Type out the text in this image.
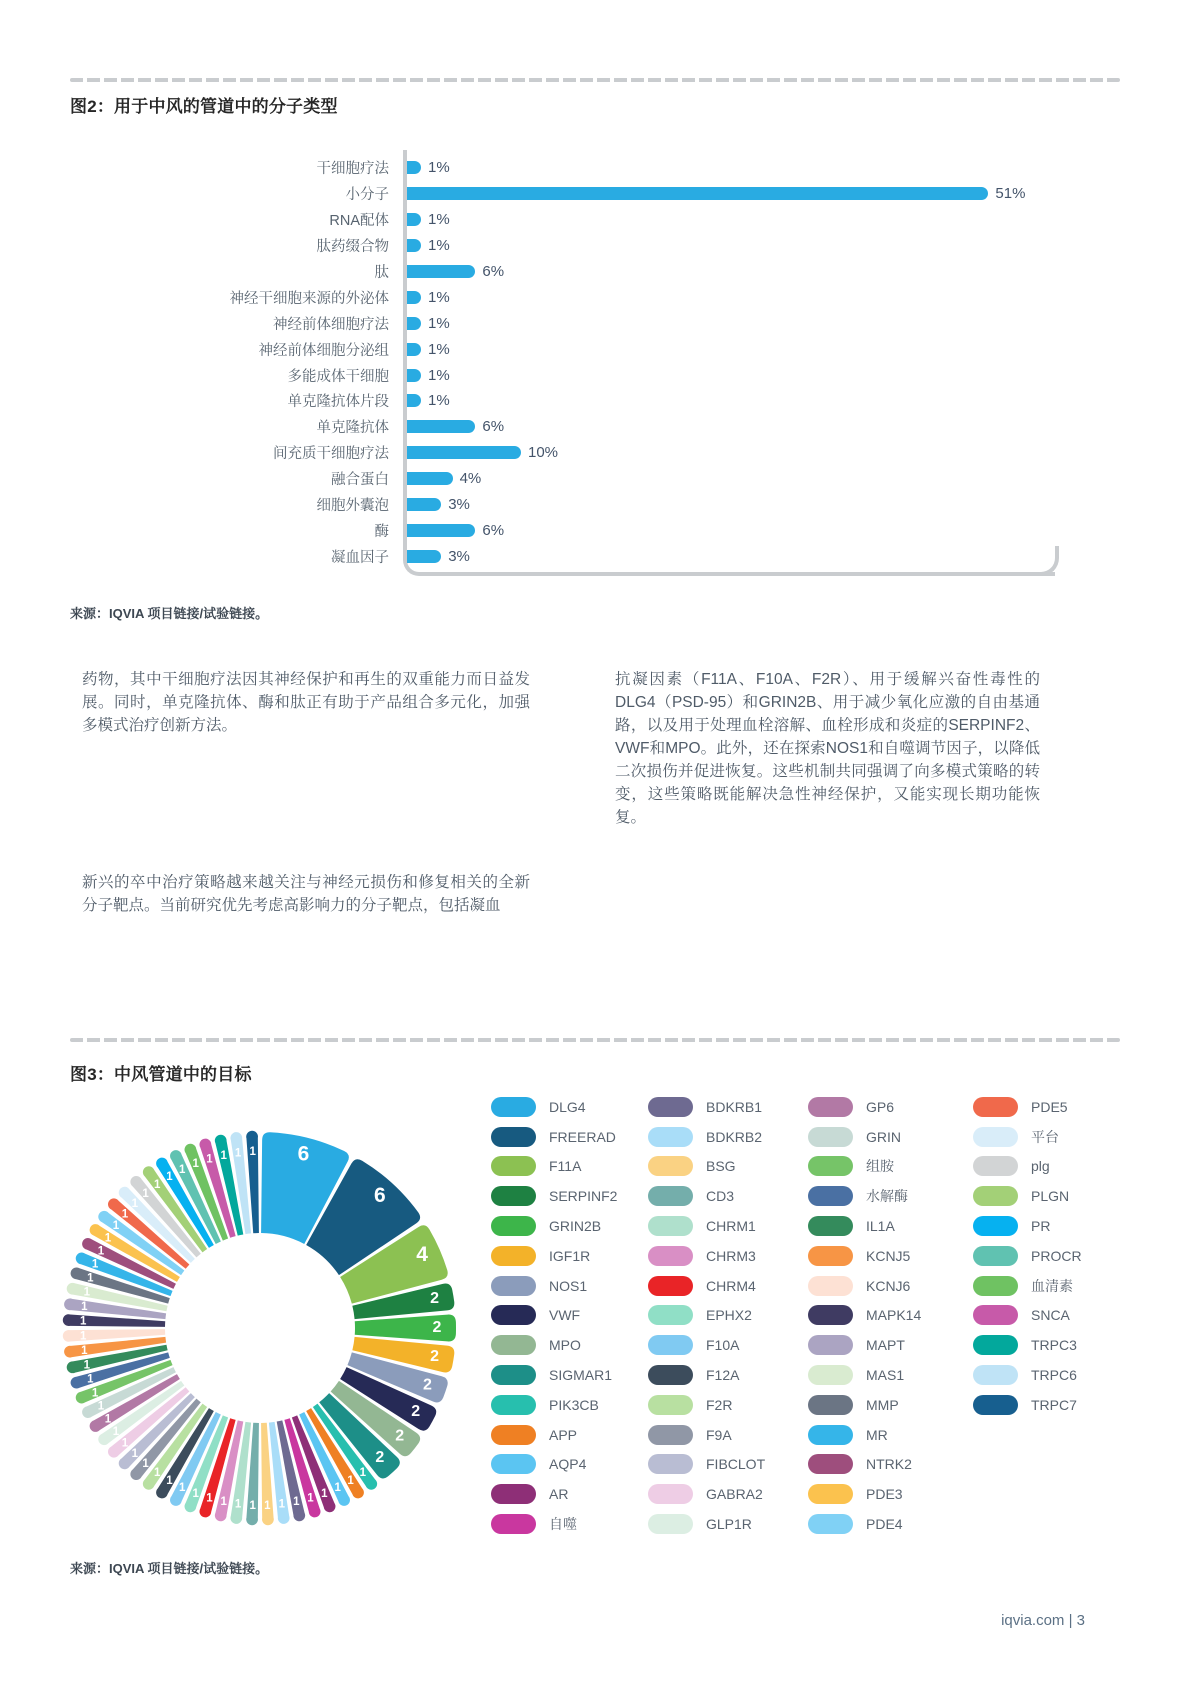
图2：用于中风的管道中的分子类型
干细胞疗法	1%
小分子	51%
RNA配体	1%
肽药缀合物	1%
肽	6%
神经干细胞来源的外泌体	1%
神经前体细胞疗法	1%
神经前体细胞分泌组	1%
多能成体干细胞	1%
单克隆抗体片段	1%
单克隆抗体	6%
间充质干细胞疗法	10%
融合蛋白	4%
细胞外囊泡	3%
酶	6%
凝血因子	3%
来源：IQVIA 项目链接/试验链接。
药物，其中干细胞疗法因其神经保护和再生的双重能力而日益发展。同时，单克隆抗体、酶和肽正有助于产品组合多元化，加强多模式治疗创新方法。
抗凝因素（F11A、F10A、F2R）、用于缓解兴奋性毒性的DLG4（PSD-95）和GRIN2B、用于减少氧化应激的自由基通路，以及用于处理血栓溶解、血栓形成和炎症的SERPINF2、VWF和MPO。此外，还在探索NOS1和自噬调节因子，以降低二次损伤并促进恢复。这些机制共同强调了向多模式策略的转变，这些策略既能解决急性神经保护，又能实现长期功能恢复。
新兴的卒中治疗策略越来越关注与神经元损伤和修复相关的全新分子靶点。当前研究优先考虑高影响力的分子靶点，包括凝血
图3：中风管道中的目标
6
6
4
2
2
2
2
2
2
2
1
1
1
1
1
1
1
1
1
1
1
1
1
1
1
1
1
1
1
1
1
1
1
1
1
1
1
1
1
1
1
1
1
1
1
1
1
1
1
1
1 1 1 1 1 1
DLG4
FREERAD
F11A
SERPINF2
GRIN2B
IGF1R
NOS1
VWF
MPO
SIGMAR1
PIK3CB
APP
AQP4
AR
自噬
BDKRB1
BDKRB2
BSG
CD3
CHRM1
CHRM3
CHRM4
EPHX2
F10A
F12A
F2R
F9A
FIBCLOT
GABRA2
GLP1R
GP6
GRIN
组胺
水解酶
IL1A
KCNJ5
KCNJ6
MAPK14
MAPT
MAS1
MMP
MR
NTRK2
PDE3
PDE4
PDE5
平台
plg
PLGN
PR
PROCR
血清素
SNCA
TRPC3
TRPC6
TRPC7
来源：IQVIA 项目链接/试验链接。
iqvia.com | 3
